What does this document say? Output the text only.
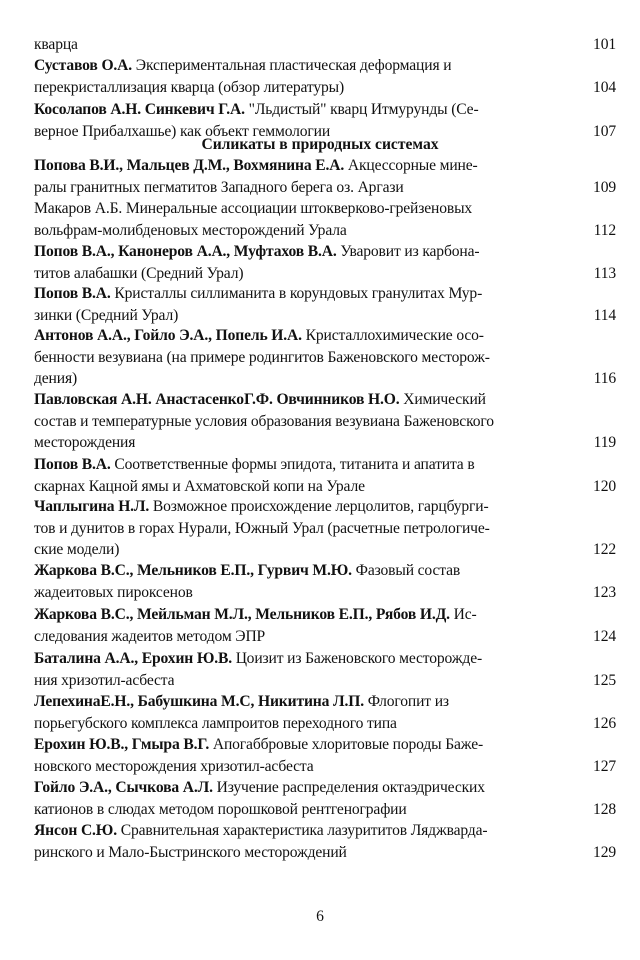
кварца	101
Суставов О.А. Экспериментальная пластическая деформация и
перекристаллизация кварца (обзор литературы)	104
Косолапов А.Н. Синкевич Г.А. "Льдистый" кварц Итмурунды (Се-
верное Прибалхашье) как объект геммологии	107
Попова В.И., Мальцев Д.М., Вохмянина Е.А. Акцессорные мине-
ралы гранитных пегматитов Западного берега оз. Аргази	109
Макаров А.Б. Минеральные ассоциации штокверково-грейзеновых
вольфрам-молибденовых месторождений Урала	112
Попов В.А., Канонеров А.А., Муфтахов В.А. Уваровит из карбона-
титов алабашки (Средний Урал)	113
Попов В.А. Кристаллы силлиманита в корундовых гранулитах Мур-
зинки (Средний Урал)	114
Антонов А.А., Гойло Э.А., Попель И.А. Кристаллохимические осо-
бенности везувиана (на примере родингитов Баженовского месторож-
дения)	116
Павловская А.Н. АнастасенкоГ.Ф. Овчинников Н.О. Химический
состав и температурные условия образования везувиана Баженовского
месторождения	119
Попов В.А. Соответственные формы эпидота, титанита и апатита в
скарнах Кацной ямы и Ахматовской копи на Урале	120
Чаплыгина Н.Л. Возможное происхождение лерцолитов, гарцбурги-
тов и дунитов в горах Нурали, Южный Урал (расчетные петрологиче-
ские модели)	122
Жаркова В.С., Мельников Е.П., Гурвич М.Ю. Фазовый состав
жадеитовых пироксенов	123
Жаркова В.С., Мейльман М.Л., Мельников Е.П., Рябов И.Д. Ис-
следования жадеитов методом ЭПР	124
Баталина А.А., Ерохин Ю.В. Цоизит из Баженовского месторожде-
ния хризотил-асбеста	125
ЛепехинаЕ.Н., Бабушкина М.С, Никитина Л.П. Флогопит из
порьегубского комплекса лампроитов переходного типа	126
Ерохин Ю.В., Гмыра В.Г. Апогаббровые хлоритовые породы Баже-
новского месторождения хризотил-асбеста	127
Гойло Э.А., Сычкова А.Л. Изучение распределения октаэдрических
катионов в слюдах методом порошковой рентгенографии	128
Янсон С.Ю. Сравнительная характеристика лазурититов Ляджварда-
ринского и Мало-Быстринского месторождений	129
Силикаты в природных системах
6
